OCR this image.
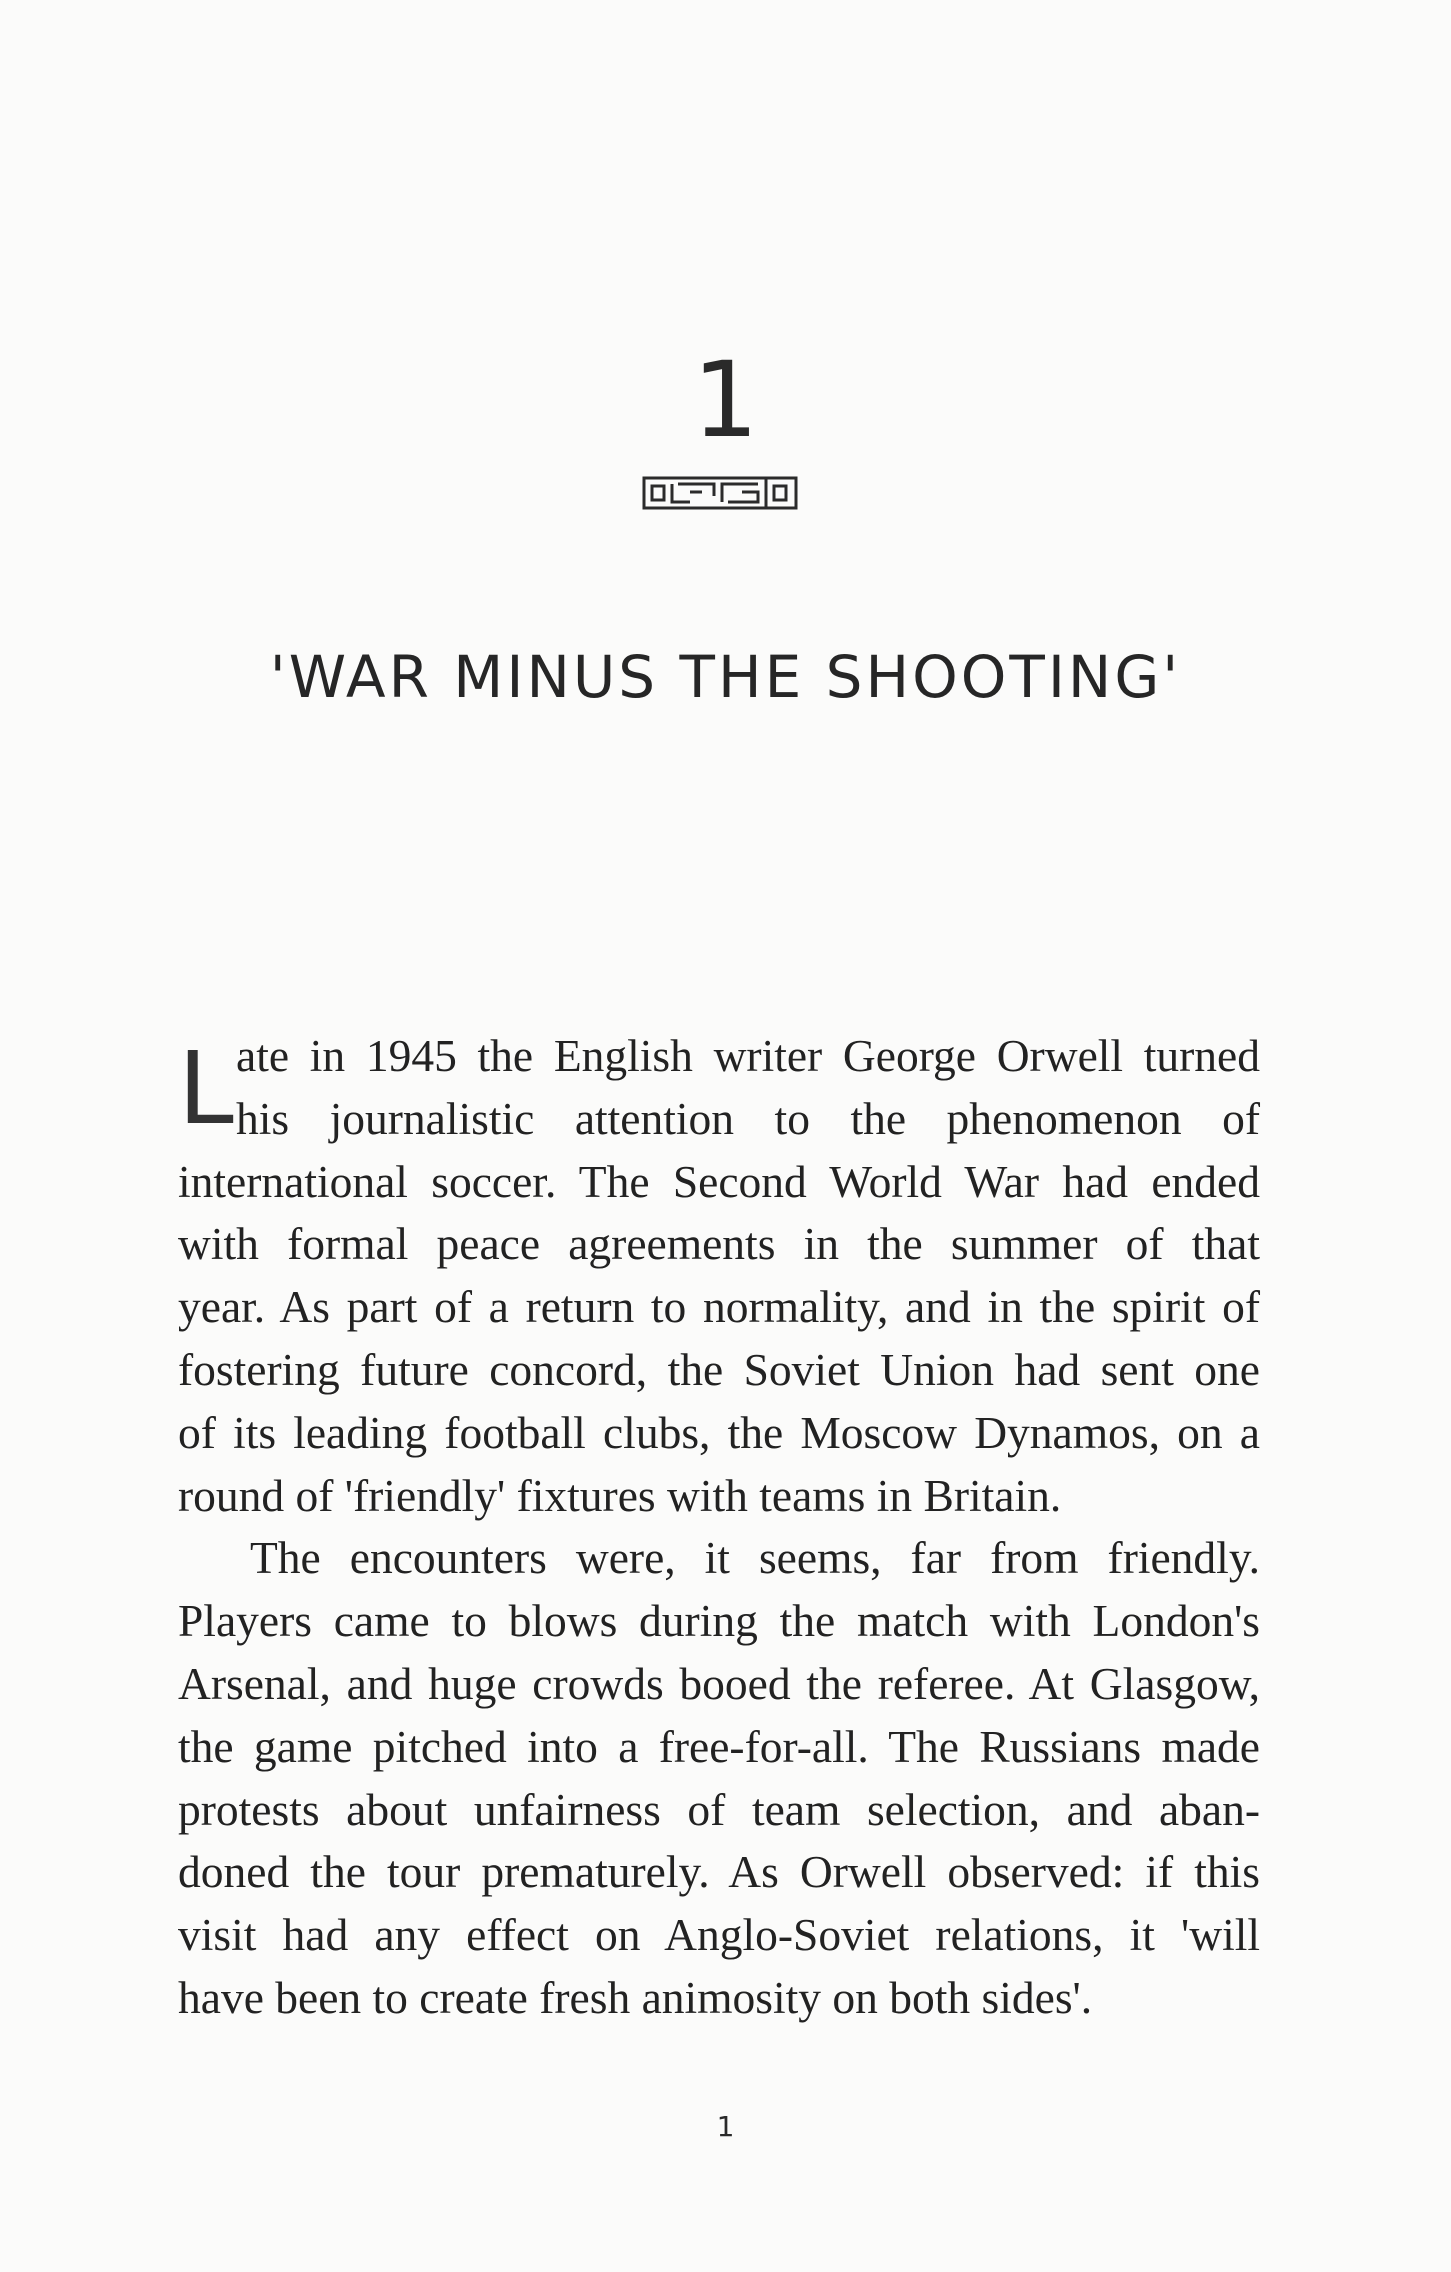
1
'WAR MINUS THE SHOOTING'
L ate in 1945 the English writer George Orwell turned
his journalistic attention to the phenomenon of
international soccer. The Second World War had ended
with formal peace agreements in the summer of that
year. As part of a return to normality, and in the spirit of
fostering future concord, the Soviet Union had sent one
of its leading football clubs, the Moscow Dynamos, on a
round of 'friendly' fixtures with teams in Britain.

The encounters were, it seems, far from friendly.
Players came to blows during the match with London's
Arsenal, and huge crowds booed the referee. At Glasgow,
the game pitched into a free-for-all. The Russians made
protests about unfairness of team selection, and aban-
doned the tour prematurely. As Orwell observed: if this
visit had any effect on Anglo-Soviet relations, it 'will
have been to create fresh animosity on both sides'.

1
